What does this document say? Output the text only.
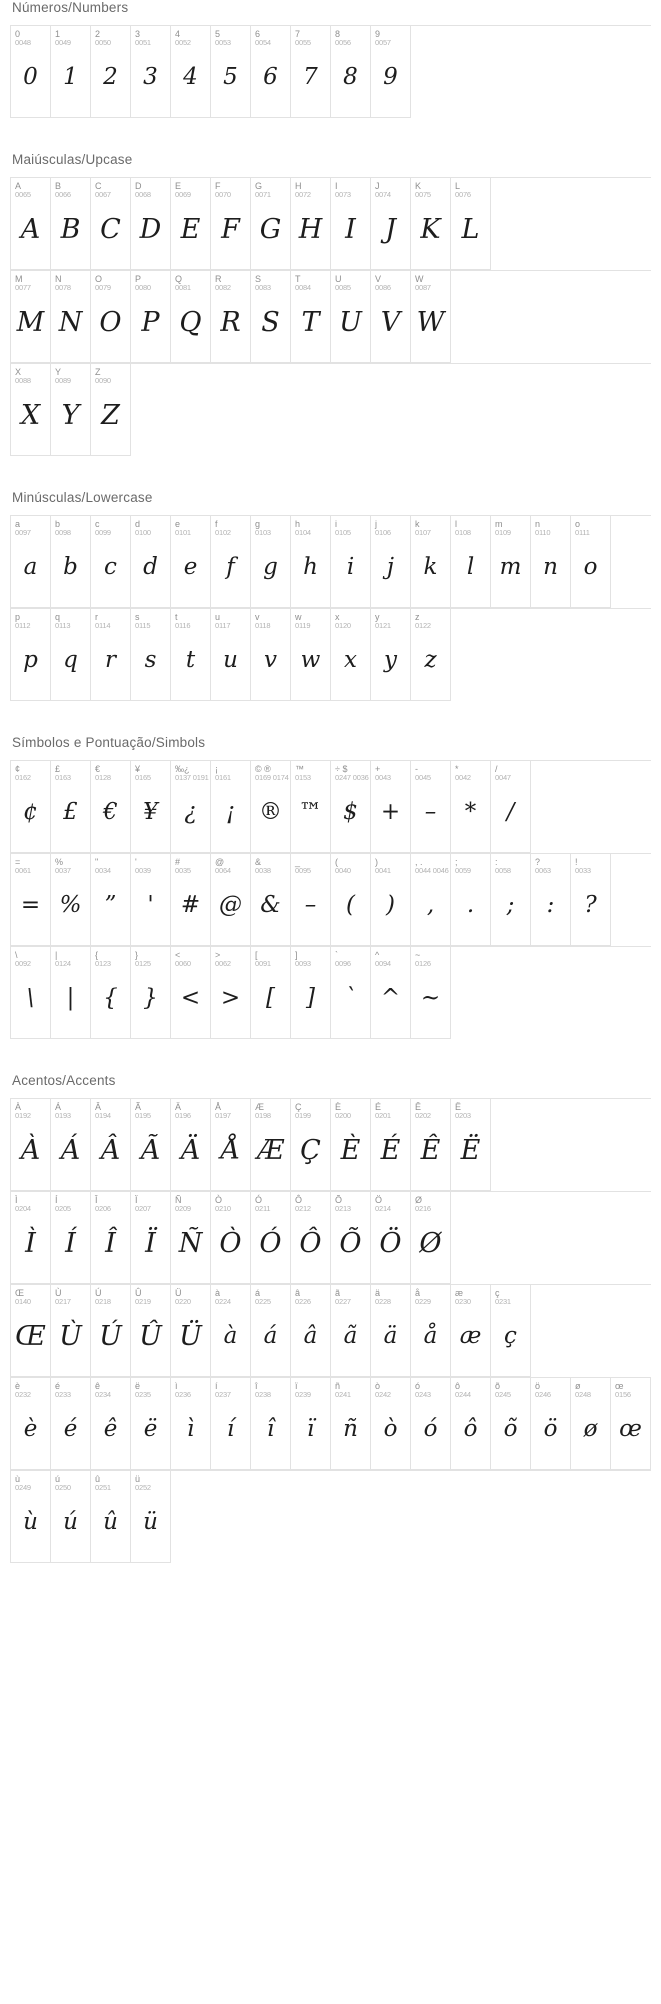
Números/Numbers
0
0048
0
1
0049
1
2
0050
2
3
0051
3
4
0052
4
5
0053
5
6
0054
6
7
0055
7
8
0056
8
9
0057
9
Maiúsculas/Upcase
A
0065
A
B
0066
B
C
0067
C
D
0068
D
E
0069
E
F
0070
F
G
0071
G
H
0072
H
I
0073
I
J
0074
J
K
0075
K
L
0076
L
M
0077
M
N
0078
N
O
0079
O
P
0080
P
Q
0081
Q
R
0082
R
S
0083
S
T
0084
T
U
0085
U
V
0086
V
W
0087
W
X
0088
X
Y
0089
Y
Z
0090
Z
Minúsculas/Lowercase
a
0097
a
b
0098
b
c
0099
c
d
0100
d
e
0101
e
f
0102
f
g
0103
g
h
0104
h
i
0105
i
j
0106
j
k
0107
k
l
0108
l
m
0109
m
n
0110
n
o
0111
o
p
0112
p
q
0113
q
r
0114
r
s
0115
s
t
0116
t
u
0117
u
v
0118
v
w
0119
w
x
0120
x
y
0121
y
z
0122
z
Símbolos e Pontuação/Simbols
¢
0162
¢
£
0163
£
€
0128
€
¥
0165
¥
‰¿
0137 0191
¿
¡
0161
¡
© ®
0169 0174
®
™
0153
™
÷ $
0247 0036
$
+
0043
+
-
0045
–
*
0042
*
/
0047
/
=
0061
=
%
0037
%
"
0034
”
'
0039
'
#
0035
#
@
0064
@
&
0038
&
_
0095
–
(
0040
(
)
0041
)
, .
0044 0046
,
;
0059
.
:
0058
;
?
0063
:
!
0033
?
\
0092
\
|
0124
|
{
0123
{
}
0125
}
<
0060
<
>
0062
>
[
0091
[
]
0093
]
`
0096
`
^
0094
^
~
0126
~
Acentos/Accents
À
0192
À
Á
0193
Á
Â
0194
Â
Ã
0195
Ã
Ä
0196
Ä
Å
0197
Å
Æ
0198
Æ
Ç
0199
Ç
È
0200
È
É
0201
É
Ê
0202
Ê
Ë
0203
Ë
Ì
0204
Ì
Í
0205
Í
Î
0206
Î
Ï
0207
Ï
Ñ
0209
Ñ
Ò
0210
Ò
Ó
0211
Ó
Ô
0212
Ô
Õ
0213
Õ
Ö
0214
Ö
Ø
0216
Ø
Œ
0140
Œ
Ù
0217
Ù
Ú
0218
Ú
Û
0219
Û
Ü
0220
Ü
à
0224
à
á
0225
á
â
0226
â
ã
0227
ã
ä
0228
ä
å
0229
å
æ
0230
æ
ç
0231
ç
è
0232
è
é
0233
é
ê
0234
ê
ë
0235
ë
ì
0236
ì
í
0237
í
î
0238
î
ï
0239
ï
ñ
0241
ñ
ò
0242
ò
ó
0243
ó
ô
0244
ô
õ
0245
õ
ö
0246
ö
ø
0248
ø
œ
0156
œ
ù
0249
ù
ú
0250
ú
û
0251
û
ü
0252
ü
